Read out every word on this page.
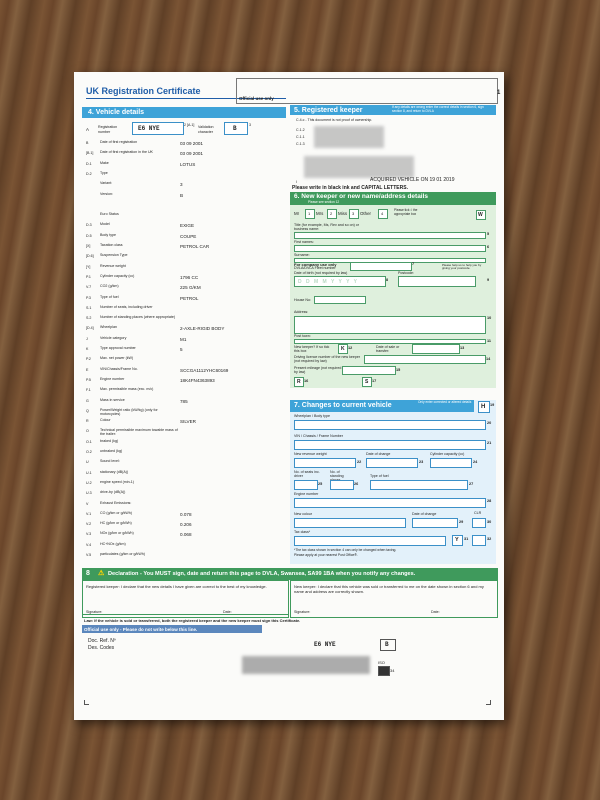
UK Registration Certificate
Official use only
1
4. Vehicle details
A	Registration number	E6 NYE	2 [A.1] Validation character	B	3
B	Date of first registration	03 09 2001
[B.1] Date of first registration in the UK	03 09 2001
D.1 Make	LOTUS
D.2 Type
Variant:	3
Version:	B
Euro Status
D.3 Model	EXIGE
D.5 Body type	COUPE
[X]	Taxation class	PETROL CAR
[D.6] Suspension Type
[Y]	Revenue weight
P.1	Cylinder capacity (cc)	1796 CC
V.7 CO2 (g/km)	225 G/KM
P.3	Type of fuel	PETROL
S.1 Number of seats, including driver
S.2 Number of standing places (where appropriate)
[D.4] Wheelplan	2-AXLE-RIGID BODY
J	Vehicle category	M1
K	Type approval number	5
P.2	Max. net power (kW)
E	VIN/Chassis/Frame No.	SCCGA1112YHC60169
P.5	Engine number	18K4FN4363893
F.1	Max. permissible mass (exc. m/c)
G	Mass in service	785
Q	Power/Weight ratio (kW/kg) (only for motorcycles)
R	Colour	SILVER
O	Technical permissible maximum towable mass of the trailer:
O.1 braked (kg)
O.2 unbraked (kg)
U	Sound level:
U.1 stationary (dB(A))
U.2 engine speed (min-1)
U.3 drive-by (dB(A))
V	Exhaust Emissions:
V.1 CO (g/km or g/kWh)	0.078
V.2 HC (g/km or g/kWh)	0.206
V.3 NOx (g/km or g/kWh)	0.068
V.4 HC+NOx (g/km)
V.5 particulates (g/km or g/kWh)
5. Registered keeper	If any details are wrong enter the correct details in section 6, sign section 8, and return to DVLA
C.4.c - This document is not proof of ownership.
C.1.2
C.1.1
C.1.3
I	ACQUIRED VEHICLE ON 19 01 2019
Please write in black ink and CAPITAL LETTERS.
6. New keeper or new name/address details
Please see section 12
Mr 1 Mrs 2 Miss 3 Other	4
Please tick √ the appropriate box	W
Title (for example, Ms, Rev and so on) or business name:
First names:
Surname:
For company use only
DVLA/DVLA Fleet number
Date of birth (not required by law)
D D M M Y Y Y Y
Postcode:
Please help us to help you by giving your postcode.
House No:
Address:
Post town:
New keeper? If so tick this box	K	Date of sale or transfer:
Driving licence number of the new keeper (not required by law)
Present mileage (not required by law)
R	S
5
6
7
8	9
10
11
12	13
14
15
16	17
7. Changes to current vehicle	Only enter corrected or altered details
H 19
Wheelplan / Body type
VIN / Chassis / Frame Number
New revenue weight	Date of change	Cylinder capacity (cc)
No. of seats inc. driver
No. of standing	Type of fuel
Engine number
New colour	Date of change	CLR
Tax class*
Y
*The tax class shown in section 4 can only be changed when taxing.
Please apply at your nearest Post Office®.
20
21
22	23	24
25	26	27
28
29	30
31	32
8 ⚠ Declaration - You MUST sign, date and return this page to DVLA, Swansea, SA99 1BA when you notify any changes.
Registered keeper: I declare that the new details I have given are correct to the best of my knowledge.
Signature:	Date:
New keeper: I declare that this vehicle was sold or transferred to me on the date shown in section 6 and my name and address are correctly shown.
Signature:	Date:
Law: If the vehicle is sold or transferred, both the registered keeper and the new keeper must sign this Certificate.
Official use only - Please do not write below this line.
Doc. Ref. Nº
Des. Codes	E6 NYE	B
ISO
34
